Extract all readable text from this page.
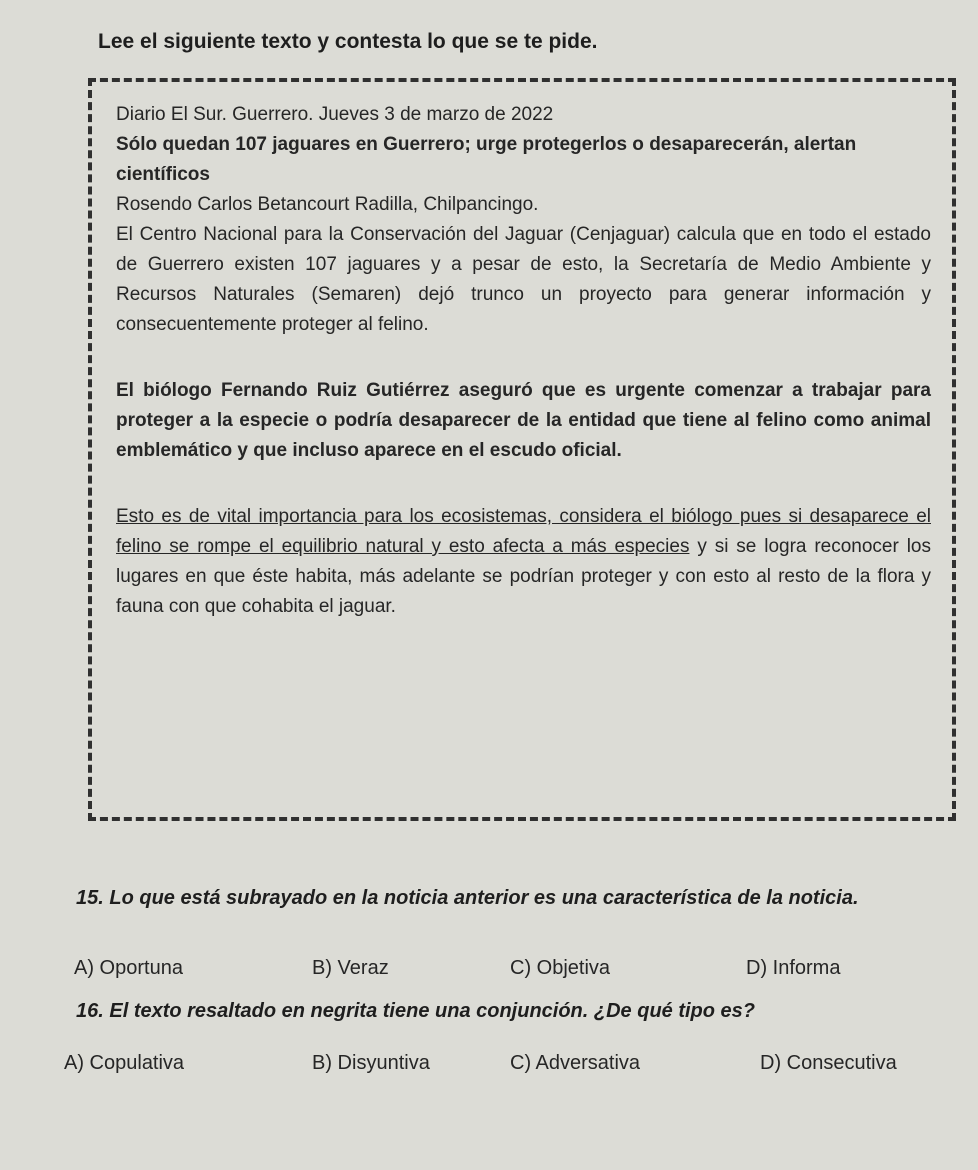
Lee el siguiente texto y contesta lo que se te pide.

Diario El Sur. Guerrero. Jueves 3 de marzo de 2022

Sólo quedan 107 jaguares en Guerrero; urge protegerlos o desaparecerán, alertan científicos

Rosendo Carlos Betancourt Radilla, Chilpancingo.

El Centro Nacional para la Conservación del Jaguar (Cenjaguar) calcula que en todo el estado de Guerrero existen 107 jaguares y a pesar de esto, la Secretaría de Medio Ambiente y Recursos Naturales (Semaren) dejó trunco un proyecto para generar información y consecuentemente proteger al felino.

El biólogo Fernando Ruiz Gutiérrez aseguró que es urgente comenzar a trabajar para proteger a la especie o podría desaparecer de la entidad que tiene al felino como animal emblemático y que incluso aparece en el escudo oficial.

Esto es de vital importancia para los ecosistemas, considera el biólogo pues si desaparece el felino se rompe el equilibrio natural y esto afecta a más especies y si se logra reconocer los lugares en que éste habita, más adelante se podrían proteger y con esto al resto de la flora y fauna con que cohabita el jaguar.

15. Lo que está subrayado en la noticia anterior es una característica de la noticia.
A) Oportuna	B) Veraz	C) Objetiva	D) Informa
16. El texto resaltado en negrita tiene una conjunción. ¿De qué tipo es?
A) Copulativa	B) Disyuntiva	C) Adversativa	D) Consecutiva
